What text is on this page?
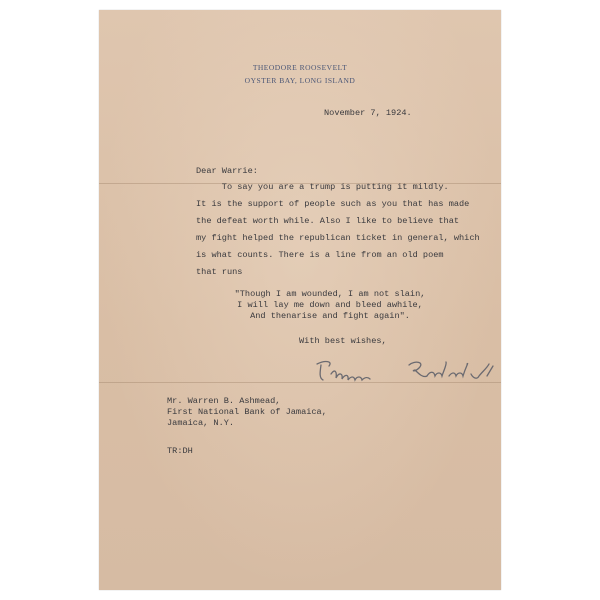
THEODORE ROOSEVELT
OYSTER BAY, LONG ISLAND
November 7, 1924.
Dear Warrie:
To say you are a trump is putting it mildly.
It is the support of people such as you that has made
the defeat worth while. Also I like to believe that
my fight helped the republican ticket in general, which
is what counts. There is a line from an old poem
that runs
"Though I am wounded, I am not slain,
I will lay me down and bleed awhile,
And thenarise and fight again".
With best wishes,
Mr. Warren B. Ashmead,
First National Bank of Jamaica,
Jamaica, N.Y.
TR:DH
